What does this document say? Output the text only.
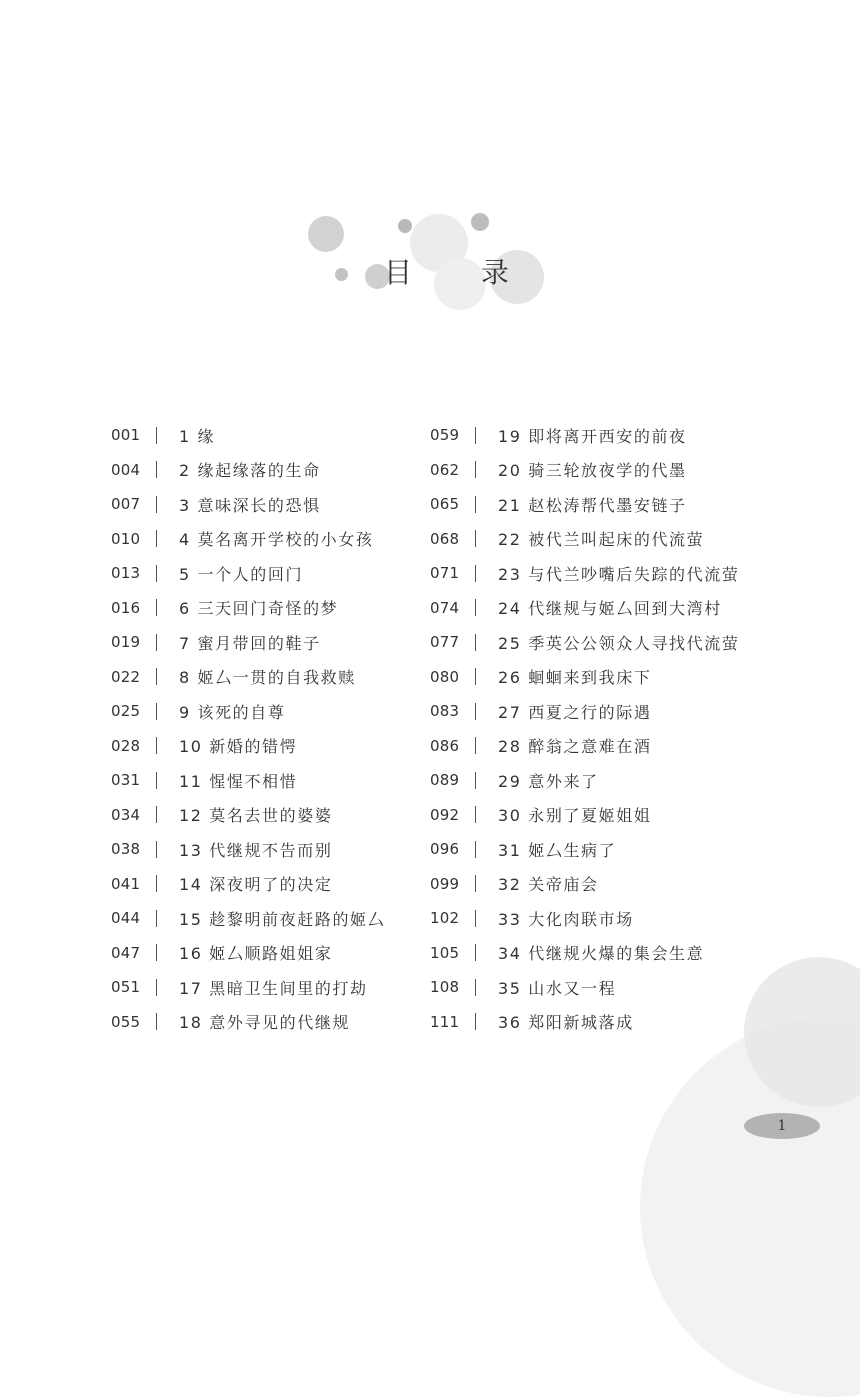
目 录
001 1 缘
004 2 缘起缘落的生命
007 3 意味深长的恐惧
010 4 莫名离开学校的小女孩
013 5 一个人的回门
016 6 三天回门奇怪的梦
019 7 蜜月带回的鞋子
022 8 姬厶一贯的自我救赎
025 9 该死的自尊
028 10 新婚的错愕
031 11 惺惺不相惜
034 12 莫名去世的婆婆
038 13 代继规不告而别
041 14 深夜明了的决定
044 15 趁黎明前夜赶路的姬厶
047 16 姬厶顺路姐姐家
051 17 黑暗卫生间里的打劫
055 18 意外寻见的代继规
059 19 即将离开西安的前夜
062 20 骑三轮放夜学的代墨
065 21 赵松涛帮代墨安链子
068 22 被代兰叫起床的代流萤
071 23 与代兰吵嘴后失踪的代流萤
074 24 代继规与姬厶回到大湾村
077 25 季英公公领众人寻找代流萤
080 26 蛔蛔来到我床下
083 27 西夏之行的际遇
086 28 醉翁之意难在酒
089 29 意外来了
092 30 永别了夏姬姐姐
096 31 姬厶生病了
099 32 关帝庙会
102 33 大化肉联市场
105 34 代继规火爆的集会生意
108 35 山水又一程
111 36 郑阳新城落成
1
